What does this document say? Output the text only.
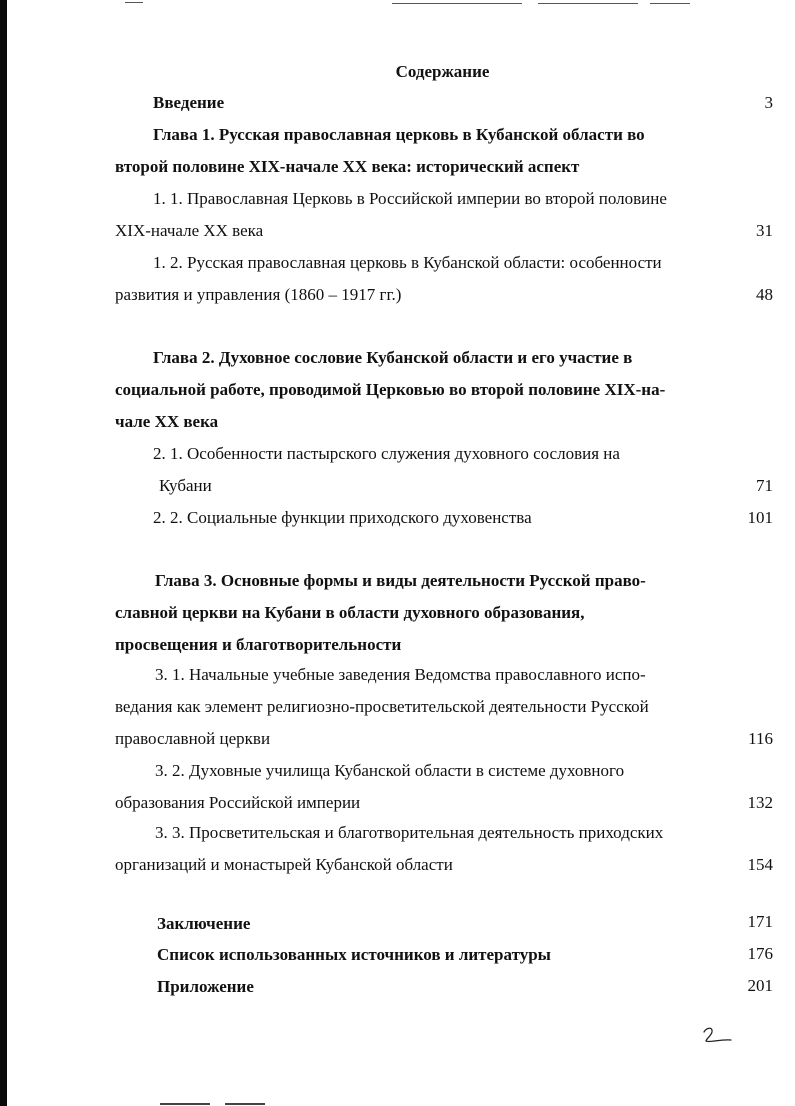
Содержание
Введение	3
Глава 1. Русская православная церковь в Кубанской области во
второй половине XIX-начале XX века: исторический аспект
1. 1. Православная Церковь в Российской империи во второй половине
XIX-начале XX века	31
1. 2. Русская православная церковь в Кубанской области: особенности
развития и управления (1860 – 1917 гг.)	48
Глава 2. Духовное сословие Кубанской области и его участие в
социальной работе, проводимой Церковью во второй половине XIX-на-
чале XX века
2. 1. Особенности пастырского служения духовного сословия на
Кубани	71
2. 2. Социальные функции приходского духовенства	101
Глава 3. Основные формы и виды деятельности Русской право-
славной церкви на Кубани в области духовного образования,
просвещения и благотворительности
3. 1. Начальные учебные заведения Ведомства православного испо-
ведания как элемент религиозно-просветительской деятельности Русской
православной церкви	116
3. 2. Духовные училища Кубанской области в системе духовного
образования Российской империи	132
3. 3. Просветительская и благотворительная деятельность приходских
организаций и монастырей Кубанской области	154
Заключение	171
Список использованных источников и литературы	176
Приложение	201
